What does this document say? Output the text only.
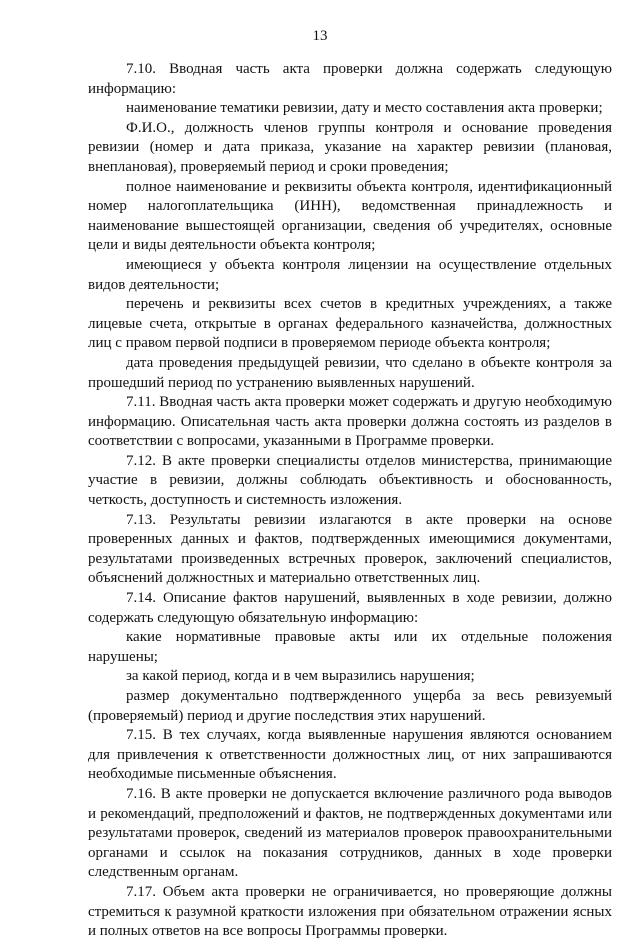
13

7.10. Вводная часть акта проверки должна содержать следующую информацию:

наименование тематики ревизии, дату и место составления акта проверки;

Ф.И.О., должность членов группы контроля и основание проведения ревизии (номер и дата приказа, указание на характер ревизии (плановая, внеплановая), проверяемый период и сроки проведения;

полное наименование и реквизиты объекта контроля, идентификационный номер налогоплательщика (ИНН), ведомственная принадлежность и наименование вышестоящей организации, сведения об учредителях, основные цели и виды деятельности объекта контроля;

имеющиеся у объекта контроля лицензии на осуществление отдельных видов деятельности;

перечень и реквизиты всех счетов в кредитных учреждениях, а также лицевые счета, открытые в органах федерального казначейства, должностных лиц с правом первой подписи в проверяемом периоде объекта контроля;

дата проведения предыдущей ревизии, что сделано в объекте контроля за прошедший период по устранению выявленных нарушений.

7.11. Вводная часть акта проверки может содержать и другую необходимую информацию. Описательная часть акта проверки должна состоять из разделов в соответствии с вопросами, указанными в Программе проверки.

7.12. В акте проверки специалисты отделов министерства, принимающие участие в ревизии, должны соблюдать объективность и обоснованность, четкость, доступность и системность изложения.

7.13. Результаты ревизии излагаются в акте проверки на основе проверенных данных и фактов, подтвержденных имеющимися документами, результатами произведенных встречных проверок, заключений специалистов, объяснений должностных и материально ответственных лиц.

7.14. Описание фактов нарушений, выявленных в ходе ревизии, должно содержать следующую обязательную информацию:

какие нормативные правовые акты или их отдельные положения нарушены;

за какой период, когда и в чем выразились нарушения;

размер документально подтвержденного ущерба за весь ревизуемый (проверяемый) период и другие последствия этих нарушений.

7.15. В тех случаях, когда выявленные нарушения являются основанием для привлечения к ответственности должностных лиц, от них запрашиваются необходимые письменные объяснения.

7.16. В акте проверки не допускается включение различного рода выводов и рекомендаций, предположений и фактов, не подтвержденных документами или результатами проверок, сведений из материалов проверок правоохранительными органами и ссылок на показания сотрудников, данных в ходе проверки следственным органам.

7.17. Объем акта проверки не ограничивается, но проверяющие должны стремиться к разумной краткости изложения при обязательном отражении ясных и полных ответов на все вопросы Программы проверки.
